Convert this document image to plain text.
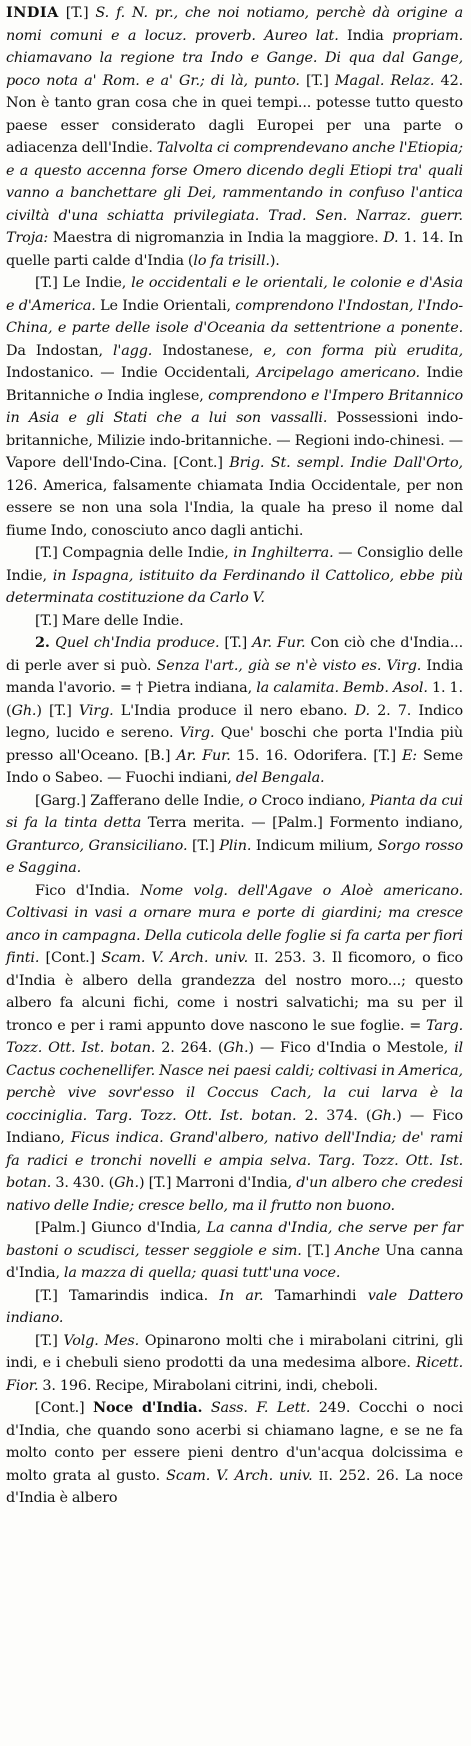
INDIA [T.] S. f. N. pr., che noi notiamo, perchè dà origine a nomi comuni e a locuz. proverb. Aureo lat. India propriam. chiamavano la regione tra Indo e Gange. Di qua dal Gange, poco nota a' Rom. e a' Gr.; di là, punto. [T.] Magal. Relaz. 42. Non è tanto gran cosa che in quei tempi... potesse tutto questo paese esser considerato dagli Europei per una parte o adiacenza dell'Indie. Talvolta ci comprendevano anche l'Etiopia; e a questo accenna forse Omero dicendo degli Etiopi tra' quali vanno a banchettare gli Dei, rammentando in confuso l'antica civiltà d'una schiatta privilegiata. Trad. Sen. Narraz. guerr. Troja: Maestra di nigromanzia in India la maggiore. D. 1. 14. In quelle parti calde d'India (lo fa trisill.).

[T.] Le Indie, le occidentali e le orientali, le colonie e d'Asia e d'America. Le Indie Orientali, comprendono l'Indostan, l'Indo-China, e parte delle isole d'Oceania da settentrione a ponente. Da Indostan, l'agg. Indostanese, e, con forma più erudita, Indostanico. — Indie Occidentali, Arcipelago americano. Indie Britanniche o India inglese, comprendono e l'Impero Britannico in Asia e gli Stati che a lui son vassalli. Possessioni indo-britanniche, Milizie indo-britanniche. — Regioni indo-chinesi. — Vapore dell'Indo-Cina. [Cont.] Brig. St. sempl. Indie Dall'Orto, 126. America, falsamente chiamata India Occidentale, per non essere se non una sola l'India, la quale ha preso il nome dal fiume Indo, conosciuto anco dagli antichi.

[T.] Compagnia delle Indie, in Inghilterra. — Consiglio delle Indie, in Ispagna, istituito da Ferdinando il Cattolico, ebbe più determinata costituzione da Carlo V.

[T.] Mare delle Indie.

2. Quel ch'India produce. [T.] Ar. Fur. Con ciò che d'India... di perle aver si può. Senza l'art., già se n'è visto es. Virg. India manda l'avorio. = † Pietra indiana, la calamita. Bemb. Asol. 1. 1. (Gh.) [T.] Virg. L'India produce il nero ebano. D. 2. 7. Indico legno, lucido e sereno. Virg. Que' boschi che porta l'India più presso all'Oceano. [B.] Ar. Fur. 15. 16. Odorifera. [T.] E: Seme Indo o Sabeo. — Fuochi indiani, del Bengala.

[Garg.] Zafferano delle Indie, o Croco indiano, Pianta da cui si fa la tinta detta Terra merita. — [Palm.] Formento indiano, Granturco, Gransiciliano. [T.] Plin. Indicum milium, Sorgo rosso e Saggina.

Fico d'India. Nome volg. dell'Agave o Aloè americano. Coltivasi in vasi a ornare mura e porte di giardini; ma cresce anco in campagna. Della cuticola delle foglie si fa carta per fiori finti. [Cont.] Scam. V. Arch. univ. II. 253. 3. Il ficomoro, o fico d'India è albero della grandezza del nostro moro...; questo albero fa alcuni fichi, come i nostri salvatichi; ma su per il tronco e per i rami appunto dove nascono le sue foglie. = Targ. Tozz. Ott. Ist. botan. 2. 264. (Gh.) — Fico d'India o Mestole, il Cactus cochenellifer. Nasce nei paesi caldi; coltivasi in America, perchè vive sovr'esso il Coccus Cach, la cui larva è la cocciniglia. Targ. Tozz. Ott. Ist. botan. 2. 374. (Gh.) — Fico Indiano, Ficus indica. Grand'albero, nativo dell'India; de' rami fa radici e tronchi novelli e ampia selva. Targ. Tozz. Ott. Ist. botan. 3. 430. (Gh.) [T.] Marroni d'India, d'un albero che credesi nativo delle Indie; cresce bello, ma il frutto non buono.

[Palm.] Giunco d'India, La canna d'India, che serve per far bastoni o scudisci, tesser seggiole e sim. [T.] Anche Una canna d'India, la mazza di quella; quasi tutt'una voce.

[T.] Tamarindis indica. In ar. Tamarhindi vale Dattero indiano.

[T.] Volg. Mes. Opinarono molti che i mirabolani citrini, gli indi, e i chebuli sieno prodotti da una medesima albore. Ricett. Fior. 3. 196. Recipe, Mirabolani citrini, indi, cheboli.

[Cont.] Noce d'India. Sass. F. Lett. 249. Cocchi o noci d'India, che quando sono acerbi si chiamano lagne, e se ne fa molto conto per essere pieni dentro d'un'acqua dolcissima e molto grata al gusto. Scam. V. Arch. univ. II. 252. 26. La noce d'India è albero
